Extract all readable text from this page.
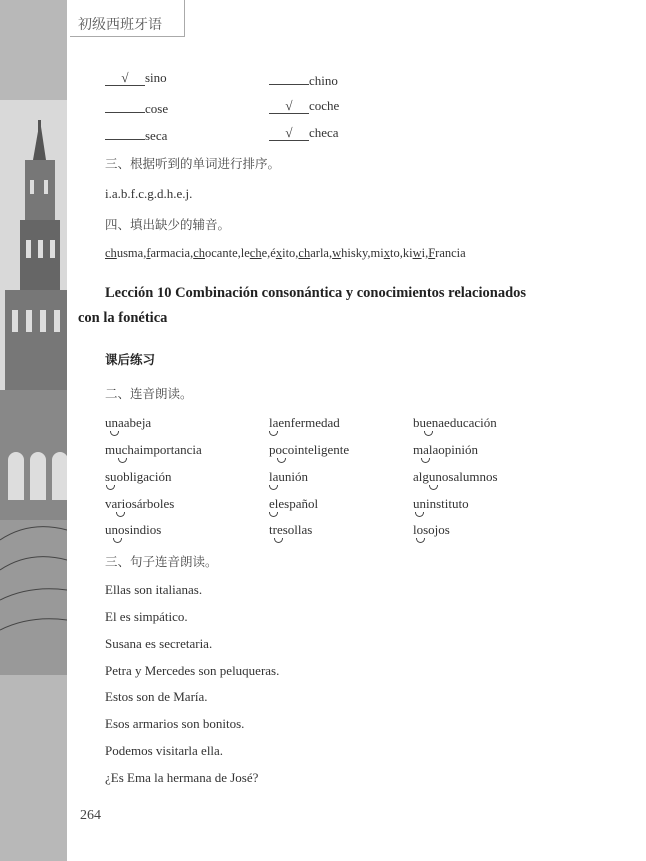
初级西班牙语
√ sino	chino
cose	√ coche
seca	√ checa
三、根据听到的单词进行排序。
i.a.b.f.c.g.d.h.e.j.
四、填出缺少的辅音。
chusma,farmacia,chocante,leche,éxito,charla,whisky,mixto,kiwi,Francia
Lección 10 Combinación consonántica y conocimientos relacionados
con la fonética
课后练习
二、连音朗读。
unaabeja	laenfermedad	buenaeducación
muchaimportancia	pocointeligente	malaopinión
suobligación	launión	algunosalumnos
variosárboles	elespañol	uninstituto
unosindios	tresollas	losojos
三、句子连音朗读。
Ellas son italianas.
El es simpático.
Susana es secretaria.
Petra y Mercedes son peluqueras.
Estos son de María.
Esos armarios son bonitos.
Podemos visitarla ella.
¿Es Ema la hermana de José?
264
